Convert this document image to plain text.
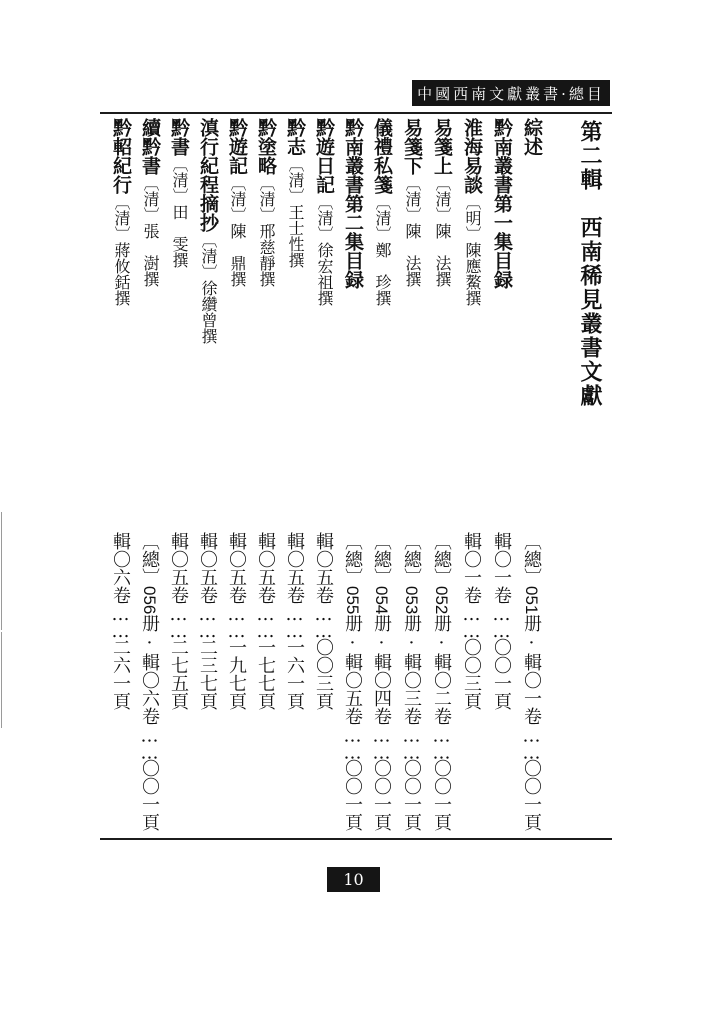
中國西南文獻叢書·總目
第二輯　西南稀見叢書文獻
綜述
黔南叢書第一集目録
淮海易談〔明〕陳應鰲撰
易箋上〔清〕陳　法撰
易箋下〔清〕陳　法撰
儀禮私箋〔清〕鄭　珍撰
黔南叢書第二集目録
黔遊日記〔清〕徐宏祖撰
黔志〔清〕王士性撰
黔塗略〔清〕邢慈靜撰
黔遊記〔清〕陳　鼎撰
滇行紀程摘抄〔清〕徐纘曾撰
黔書〔清〕田　雯撰
續黔書〔清〕張　澍撰
黔軺紀行〔清〕蔣攸銛撰
〔總〕051册·輯〇一卷……〇〇一頁
輯〇一卷……〇〇一頁
輯〇一卷……〇〇三頁
〔總〕052册·輯〇二卷……〇〇一頁
〔總〕053册·輯〇三卷……〇〇一頁
〔總〕054册·輯〇四卷……〇〇一頁
〔總〕055册·輯〇五卷……〇〇一頁
輯〇五卷……〇〇三頁
輯〇五卷……一六一頁
輯〇五卷……一七七頁
輯〇五卷……一九七頁
輯〇五卷……二三七頁
輯〇五卷……二七五頁
〔總〕056册·輯〇六卷……〇〇一頁
輯〇六卷……二六一頁
10
